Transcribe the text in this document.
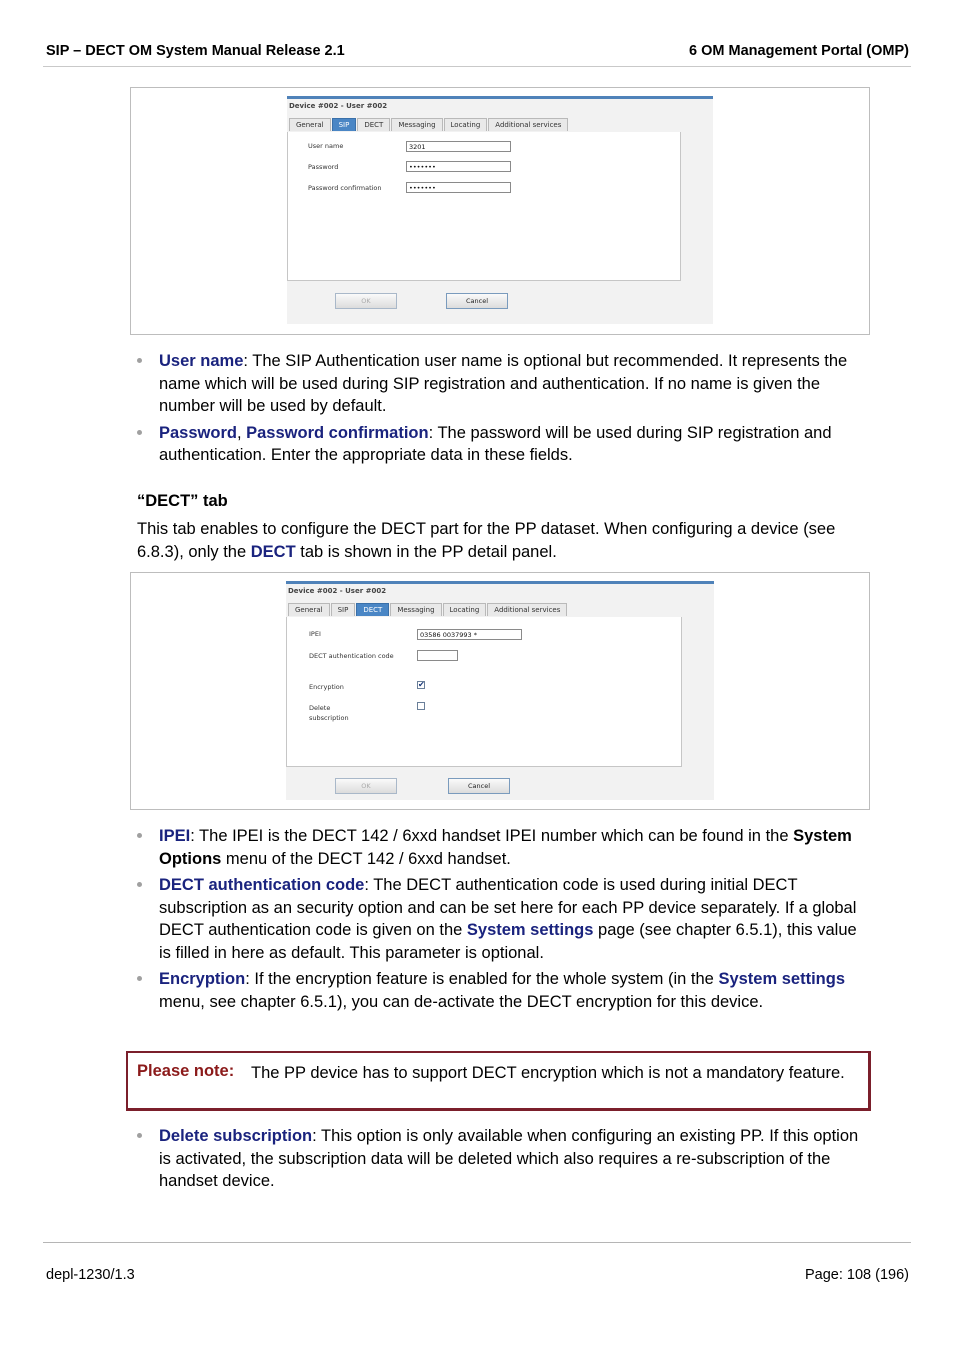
SIP – DECT OM System Manual Release 2.1	6 OM Management Portal (OMP)
Device #002 - User #002
General	SIP	DECT	Messaging	Locating	Additional services
User name	3201
Password	•••••••
Password confirmation	•••••••
OK	Cancel
User name: The SIP Authentication user name is optional but recommended. It represents the name which will be used during SIP registration and authentication. If no name is given the number will be used by default.
Password, Password confirmation: The password will be used during SIP registration and authentication. Enter the appropriate data in these fields.
“DECT” tab
This tab enables to configure the DECT part for the PP dataset. When configuring a device (see 6.8.3), only the DECT tab is shown in the PP detail panel.
Device #002 - User #002
General	SIP	DECT	Messaging	Locating	Additional services
IPEI	03586 0037993 *
DECT authentication code
Encryption	✔
Delete
subscription
OK	Cancel
IPEI: The IPEI is the DECT 142 / 6xxd handset IPEI number which can be found in the System Options menu of the DECT 142 / 6xxd handset.
DECT authentication code: The DECT authentication code is used during initial DECT subscription as an security option and can be set here for each PP device separately. If a global DECT authentication code is given on the System settings page (see chapter 6.5.1), this value is filled in here as default. This parameter is optional.
Encryption: If the encryption feature is enabled for the whole system (in the System settings menu, see chapter 6.5.1), you can de-activate the DECT encryption for this device.
Please note: The PP device has to support DECT encryption which is not a mandatory feature.
Delete subscription: This option is only available when configuring an existing PP. If this option is activated, the subscription data will be deleted which also requires a re-subscription of the handset device.
depl-1230/1.3	Page: 108 (196)
